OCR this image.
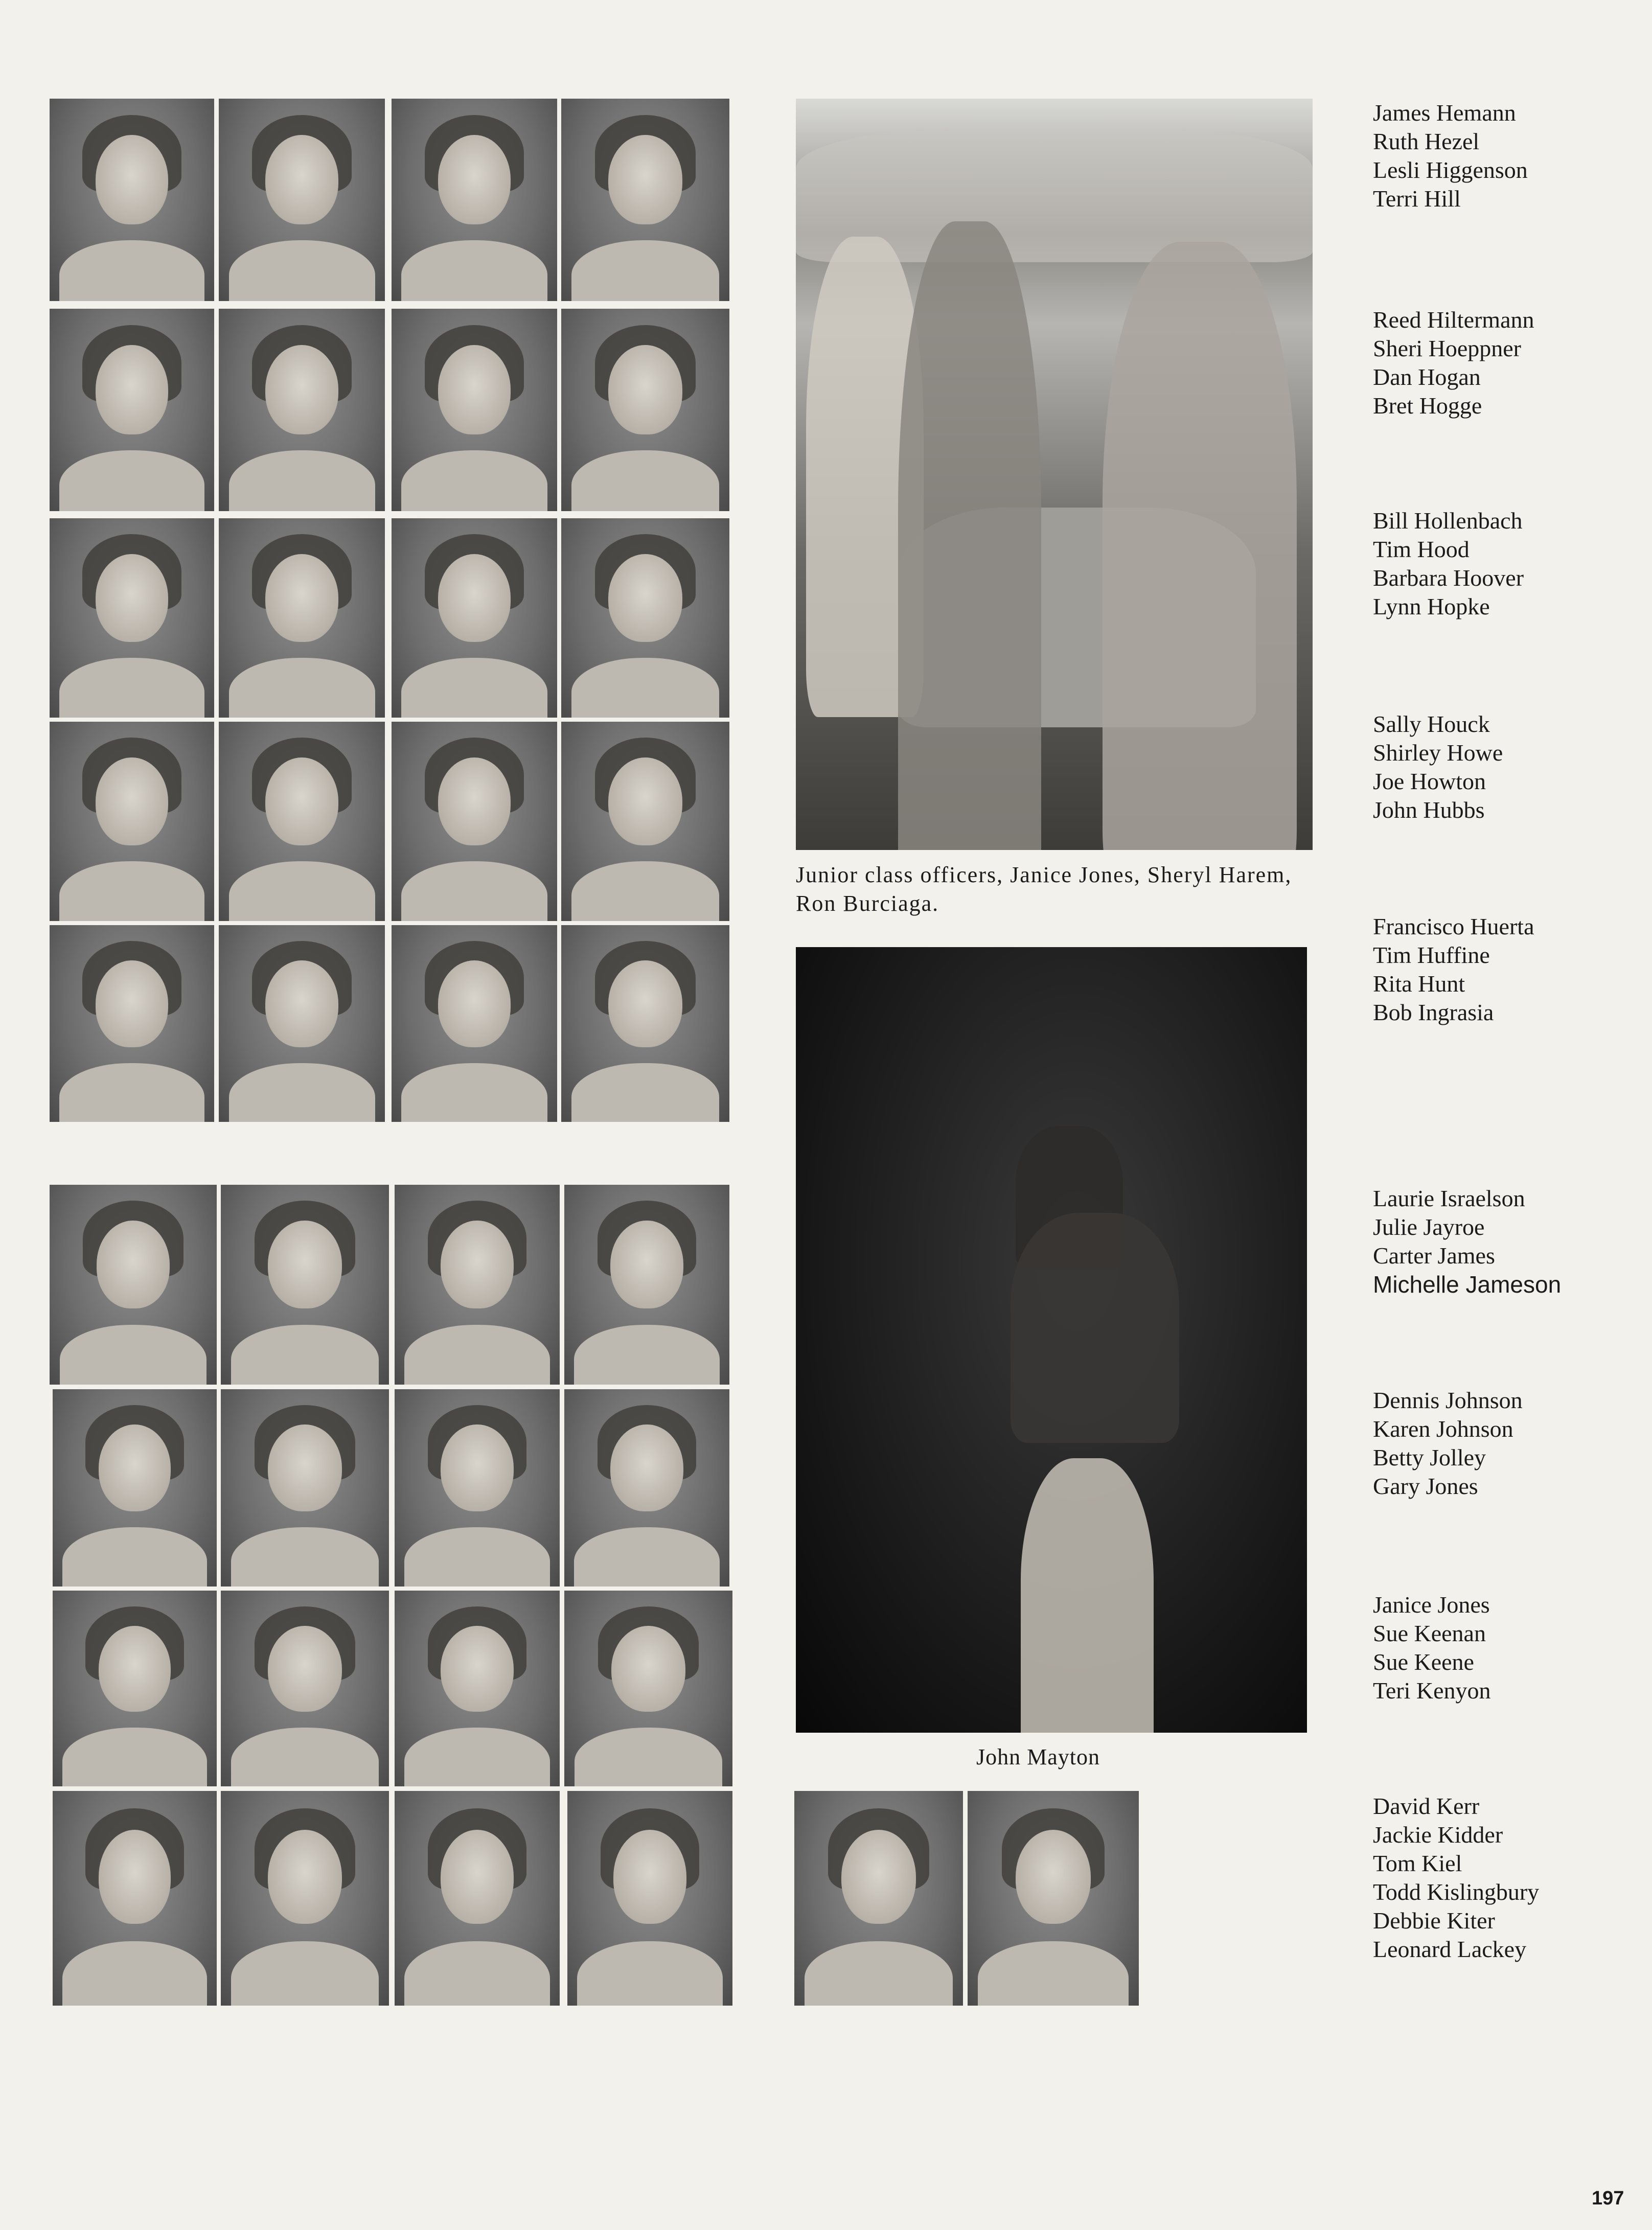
Junior class officers, Janice Jones, Sheryl Harem, Ron Burciaga.
John Mayton
James Hemann
Ruth Hezel
Lesli Higgenson
Terri Hill
Reed Hiltermann
Sheri Hoeppner
Dan Hogan
Bret Hogge
Bill Hollenbach
Tim Hood
Barbara Hoover
Lynn Hopke
Sally Houck
Shirley Howe
Joe Howton
John Hubbs
Francisco Huerta
Tim Huffine
Rita Hunt
Bob Ingrasia
Laurie Israelson
Julie Jayroe
Carter James
Michelle Jameson
Dennis Johnson
Karen Johnson
Betty Jolley
Gary Jones
Janice Jones
Sue Keenan
Sue Keene
Teri Kenyon
David Kerr
Jackie Kidder
Tom Kiel
Todd Kislingbury
Debbie Kiter
Leonard Lackey
197
